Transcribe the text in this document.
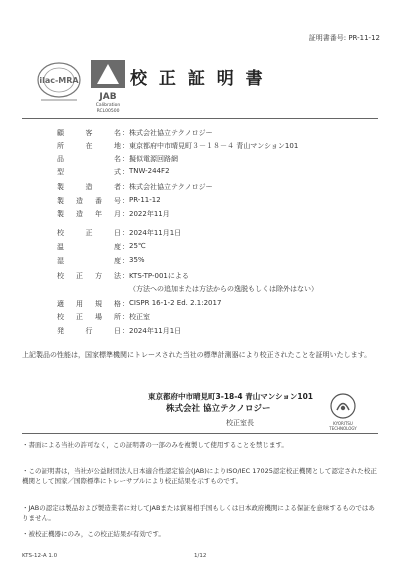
証明書番号: PR-11-12
ilac-MRA
JAB
Calibration
RCL00500
校 正 証 明 書
顧	客	名 ： 株式会社協立テクノロジー
所	在	地 ： 東京都府中市晴見町３－１８－４ 青山マンション101
品	名 ： 擬似電源回路網
型	式 ： TNW-244F2
製	造	者 ： 株式会社協立テクノロジー
製 造 番 号 ： PR-11-12
製 造 年 月 ： 2022年11月
校	正	日 ： 2024年11月1日
温	度 ： 25℃
湿	度 ： 35%
校 正 方 法 ： KTS-TP-001による
（方法への追加または方法からの逸脱もしくは除外はない）
適 用 規 格 ： CISPR 16-1-2 Ed. 2.1:2017
校 正 場 所 ： 校正室
発	行	日 ： 2024年11月1日
上記製品の性能は，国家標準機関にトレースされた当社の標準計測器により校正されたことを証明いたします。
東京都府中市晴見町3-18-4 青山マンション101
株式会社 協立テクノロジー
校正室長	KYORITSU
TECHNOLOGY
・書面による当社の許可なく，この証明書の一部のみを複製して使用することを禁じます。
・この証明書は，当社が公益財団法人日本適合性認定協会(JAB)によりISO/IEC 17025認定校正機関として認定された校正機関として国家／国際標準にトレーサブルにより校正結果を示すものです。
・JABの認定は製品および製造業者に対してJABまたは貿易相手国もしくは日本政府機関による保証を意味するものではありません。
・被校正機器にのみ，この校正結果が有効です。
KTS-12-A 1.0	1/12
